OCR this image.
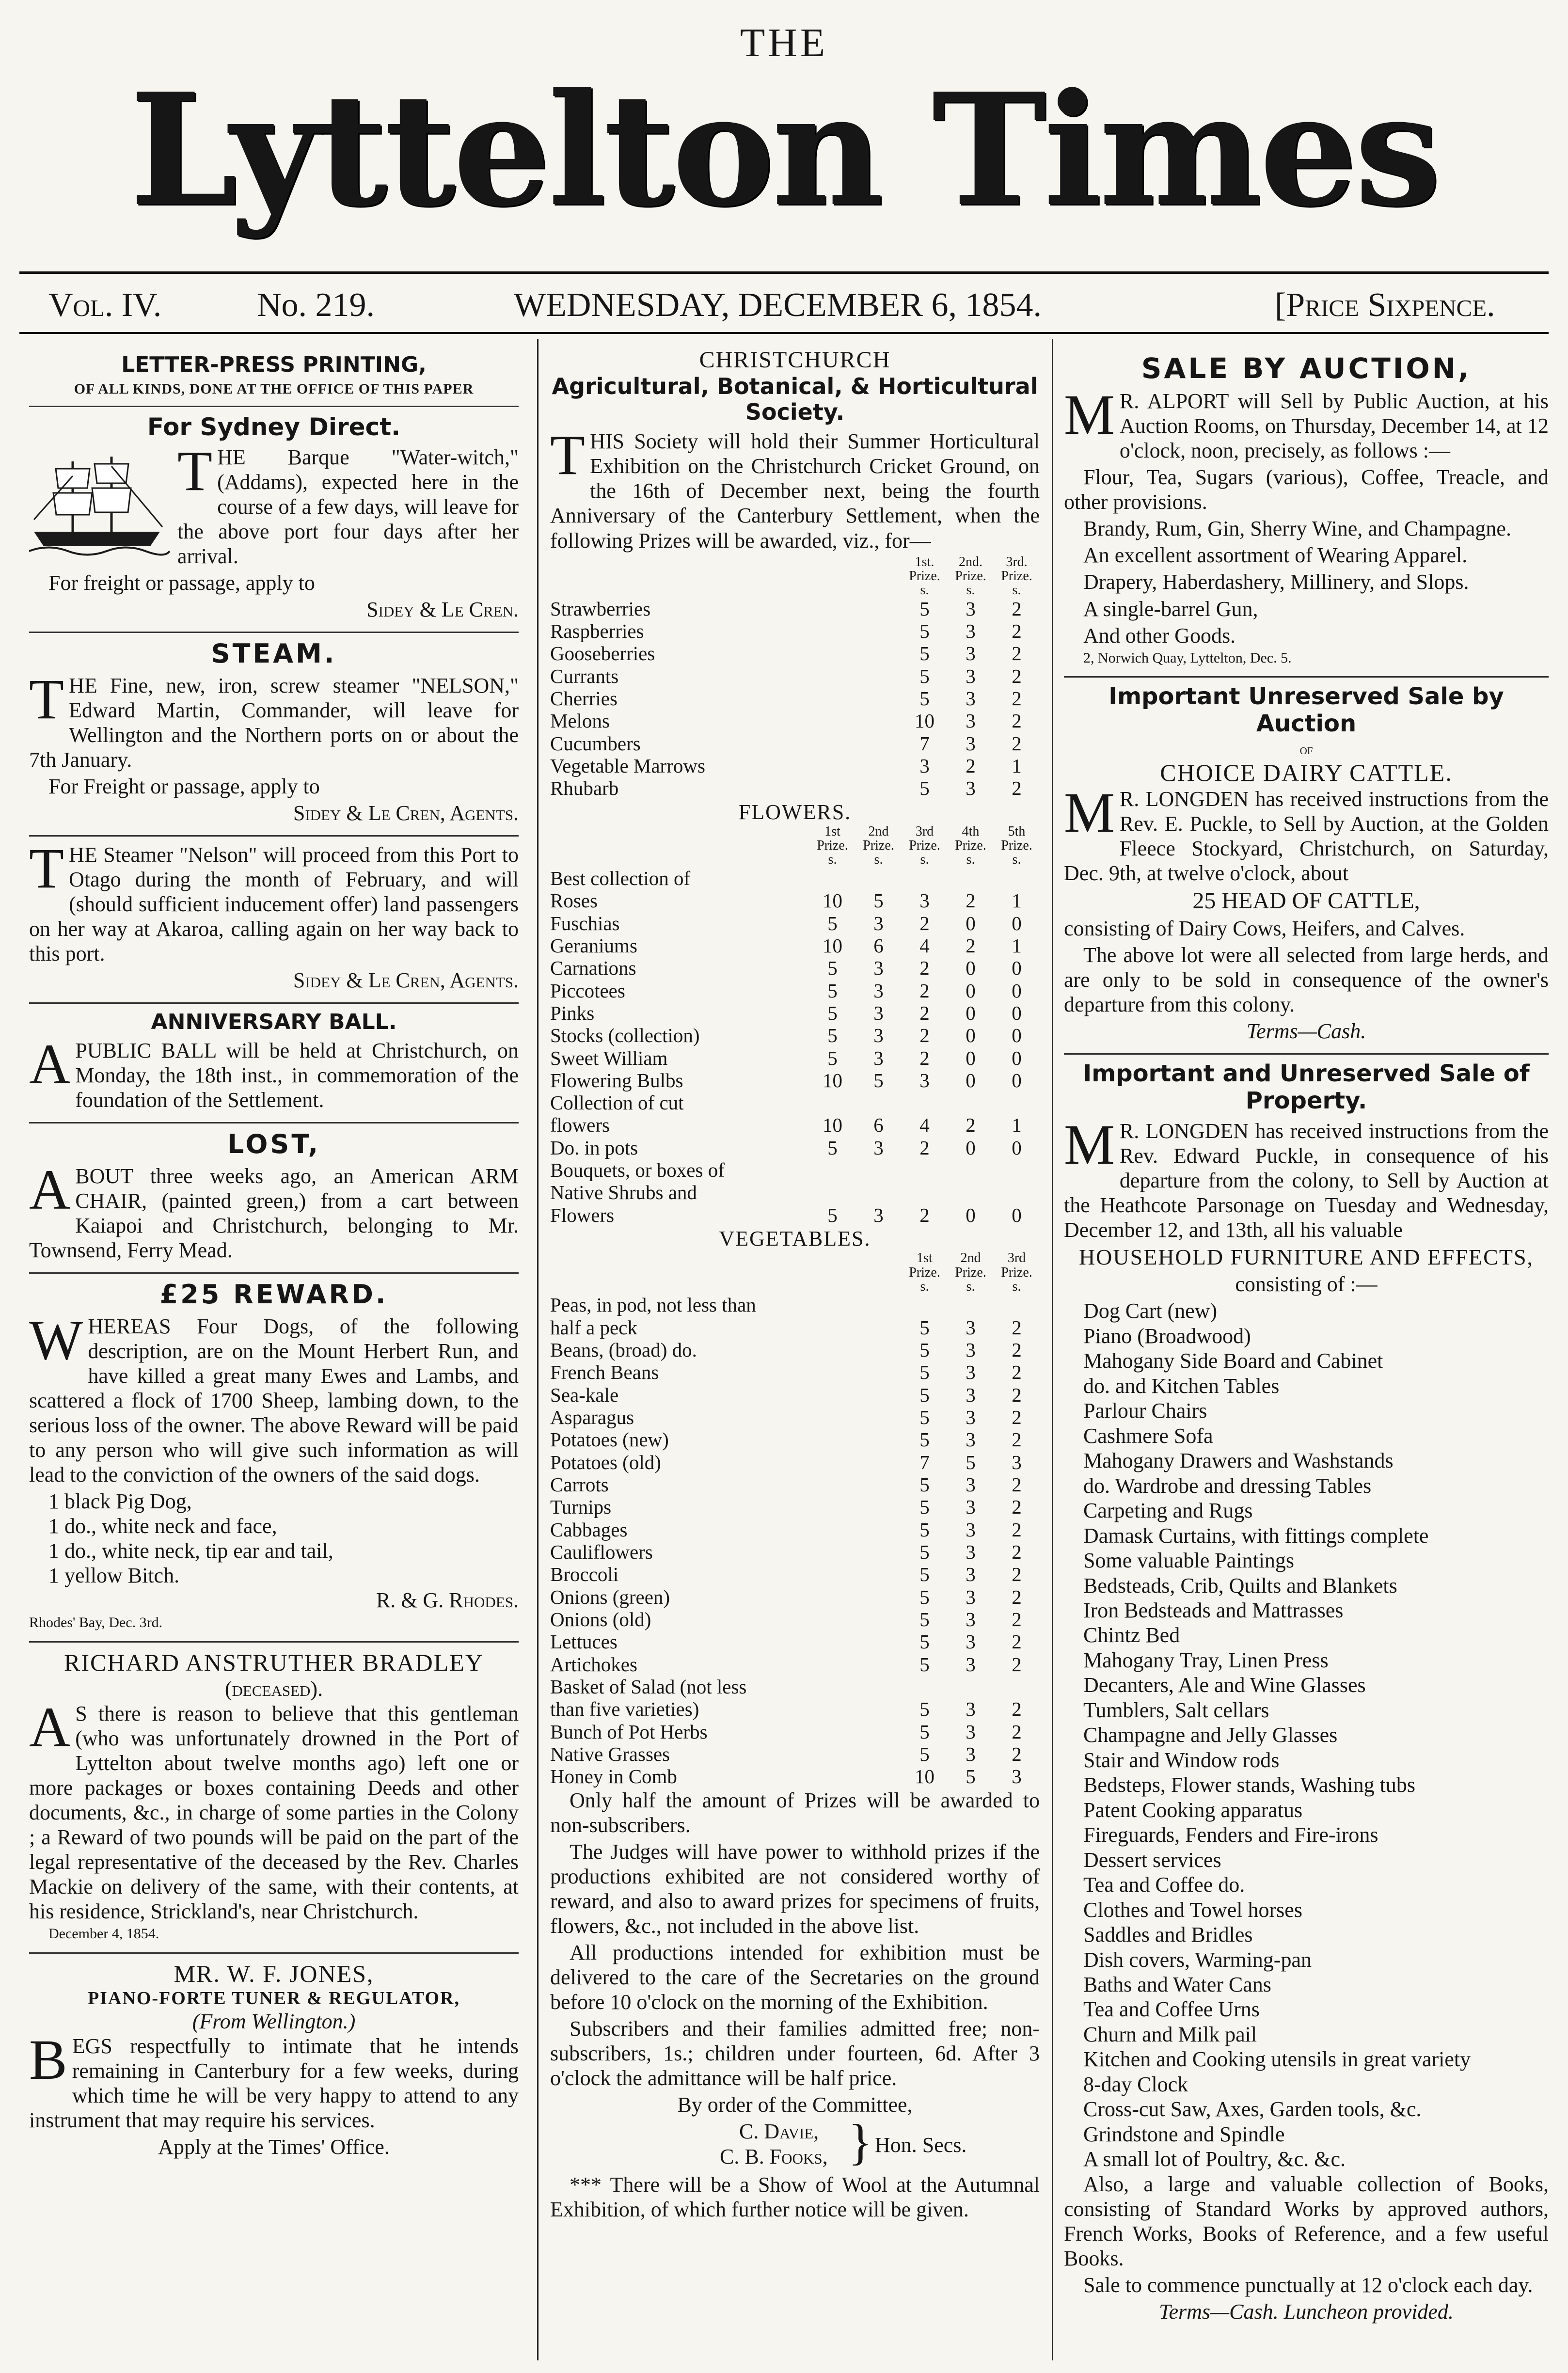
THE
Lyttelton Times
Vol. IV.	No. 219.	WEDNESDAY, DECEMBER 6, 1854.	[Price Sixpence.
LETTER-PRESS PRINTING,
OF ALL KINDS, DONE AT THE OFFICE OF THIS PAPER
For Sydney Direct.

THE Barque "Water-witch," (Addams), expected here in the course of a few days, will leave for the above port four days after her arrival.

For freight or passage, apply to

Sidey & Le Cren.

STEAM.

THE Fine, new, iron, screw steamer "NELSON," Edward Martin, Commander, will leave for Wellington and the Northern ports on or about the 7th January.

For Freight or passage, apply to

Sidey & Le Cren, Agents.

THE Steamer "Nelson" will proceed from this Port to Otago during the month of February, and will (should sufficient inducement offer) land passengers on her way at Akaroa, calling again on her way back to this port.

Sidey & Le Cren, Agents.

ANNIVERSARY BALL.

APUBLIC BALL will be held at Christchurch, on Monday, the 18th inst., in commemoration of the foundation of the Settlement.

LOST,

ABOUT three weeks ago, an American ARM CHAIR, (painted green,) from a cart between Kaiapoi and Christchurch, belonging to Mr. Townsend, Ferry Mead.

£25 REWARD.

WHEREAS Four Dogs, of the following description, are on the Mount Herbert Run, and have killed a great many Ewes and Lambs, and scattered a flock of 1700 Sheep, lambing down, to the serious loss of the owner. The above Reward will be paid to any person who will give such information as will lead to the conviction of the owners of the said dogs.

1 black Pig Dog,
1 do., white neck and face,
1 do., white neck, tip ear and tail,
1 yellow Bitch.

R. & G. Rhodes.

Rhodes' Bay, Dec. 3rd.

RICHARD ANSTRUTHER BRADLEY
(deceased).

A S there is reason to believe that this gentleman (who was unfortunately drowned in the Port of Lyttelton about twelve months ago) left one or more packages or boxes containing Deeds and other documents, &c., in charge of some parties in the Colony ; a Reward of two pounds will be paid on the part of the legal representative of the deceased by the Rev. Charles Mackie on delivery of the same, with their contents, at his residence, Strickland's, near Christchurch.

December 4, 1854.

MR. W. F. JONES,
PIANO-FORTE TUNER & REGULATOR,
(From Wellington.)

BEGS respectfully to intimate that he intends remaining in Canterbury for a few weeks, during which time he will be very happy to attend to any instrument that may require his services.

Apply at the Times' Office.

CHRISTCHURCH
Agricultural, Botanical, & Horticultural Society.

THIS Society will hold their Summer Horticultural Exhibition on the Christchurch Cricket Ground, on the 16th of December next, being the fourth Anniversary of the Canterbury Settlement, when the following Prizes will be awarded, viz., for—

	1st. Prize.	2nd. Prize.	3rd. Prize.
	s.	s.	s.
Strawberries	5	3	2
Raspberries	5	3	2
Gooseberries	5	3	2
Currants	5	3	2
Cherries	5	3	2
Melons	10	3	2
Cucumbers	7	3	2
Vegetable Marrows	3	2	1
Rhubarb	5	3	2
FLOWERS.
	1st Prize.	2nd Prize.	3rd Prize.	4th Prize.	5th Prize.
	s.	s.	s.	s.	s.
Best collection of					
Roses	10	5	3	2	1
Fuschias	5	3	2	0	0
Geraniums	10	6	4	2	1
Carnations	5	3	2	0	0
Piccotees	5	3	2	0	0
Pinks	5	3	2	0	0
Stocks (collection)	5	3	2	0	0
Sweet William	5	3	2	0	0
Flowering Bulbs	10	5	3	0	0
Collection of cut					
flowers	10	6	4	2	1
Do. in pots	5	3	2	0	0
Bouquets, or boxes of					
Native Shrubs and					
Flowers	5	3	2	0	0
VEGETABLES.
	1st Prize.	2nd Prize.	3rd Prize.
	s.	s.	s.
Peas, in pod, not less than			
half a peck	5	3	2
Beans, (broad) do.	5	3	2
French Beans	5	3	2
Sea-kale	5	3	2
Asparagus	5	3	2
Potatoes (new)	5	3	2
Potatoes (old)	7	5	3
Carrots	5	3	2
Turnips	5	3	2
Cabbages	5	3	2
Cauliflowers	5	3	2
Broccoli	5	3	2
Onions (green)	5	3	2
Onions (old)	5	3	2
Lettuces	5	3	2
Artichokes	5	3	2
Basket of Salad (not less			
than five varieties)	5	3	2
Bunch of Pot Herbs	5	3	2
Native Grasses	5	3	2
Honey in Comb	10	5	3

Only half the amount of Prizes will be awarded to non-subscribers.

The Judges will have power to withhold prizes if the productions exhibited are not considered worthy of reward, and also to award prizes for specimens of fruits, flowers, &c., not included in the above list.

All productions intended for exhibition must be delivered to the care of the Secretaries on the ground before 10 o'clock on the morning of the Exhibition.

Subscribers and their families admitted free; non-subscribers, 1s.; children under fourteen, 6d. After 3 o'clock the admittance will be half price.

By order of the Committee,

C. Davie,
C. B. Fooks, } Hon. Secs.

*** There will be a Show of Wool at the Autumnal Exhibition, of which further notice will be given.

SALE BY AUCTION,

M R. ALPORT will Sell by Public Auction, at his Auction Rooms, on Thursday, December 14, at 12 o'clock, noon, precisely, as follows :—

Flour, Tea, Sugars (various), Coffee, Treacle, and other provisions.

Brandy, Rum, Gin, Sherry Wine, and Champagne.

An excellent assortment of Wearing Apparel.

Drapery, Haberdashery, Millinery, and Slops.

A single-barrel Gun,

And other Goods.

2, Norwich Quay, Lyttelton, Dec. 5.

Important Unreserved Sale by Auction
of
CHOICE DAIRY CATTLE.

M R. LONGDEN has received instructions from the Rev. E. Puckle, to Sell by Auction, at the Golden Fleece Stockyard, Christchurch, on Saturday, Dec. 9th, at twelve o'clock, about

25 HEAD OF CATTLE,

consisting of Dairy Cows, Heifers, and Calves.

The above lot were all selected from large herds, and are only to be sold in consequence of the owner's departure from this colony.

Terms—Cash.

Important and Unreserved Sale of Property.

M R. LONGDEN has received instructions from the Rev. Edward Puckle, in consequence of his departure from the colony, to Sell by Auction at the Heathcote Parsonage on Tuesday and Wednesday, December 12, and 13th, all his valuable

HOUSEHOLD FURNITURE AND EFFECTS,

consisting of :—

Dog Cart (new)
Piano (Broadwood)
Mahogany Side Board and Cabinet
do. and Kitchen Tables
Parlour Chairs
Cashmere Sofa
Mahogany Drawers and Washstands
do. Wardrobe and dressing Tables
Carpeting and Rugs
Damask Curtains, with fittings complete
Some valuable Paintings
Bedsteads, Crib, Quilts and Blankets
Iron Bedsteads and Mattrasses
Chintz Bed
Mahogany Tray, Linen Press
Decanters, Ale and Wine Glasses
Tumblers, Salt cellars
Champagne and Jelly Glasses
Stair and Window rods
Bedsteps, Flower stands, Washing tubs
Patent Cooking apparatus
Fireguards, Fenders and Fire-irons
Dessert services
Tea and Coffee do.
Clothes and Towel horses
Saddles and Bridles
Dish covers, Warming-pan
Baths and Water Cans
Tea and Coffee Urns
Churn and Milk pail
Kitchen and Cooking utensils in great variety
8-day Clock
Cross-cut Saw, Axes, Garden tools, &c.
Grindstone and Spindle
A small lot of Poultry, &c. &c.

Also, a large and valuable collection of Books, consisting of Standard Works by approved authors, French Works, Books of Reference, and a few useful Books.

Sale to commence punctually at 12 o'clock each day.

Terms—Cash. Luncheon provided.
